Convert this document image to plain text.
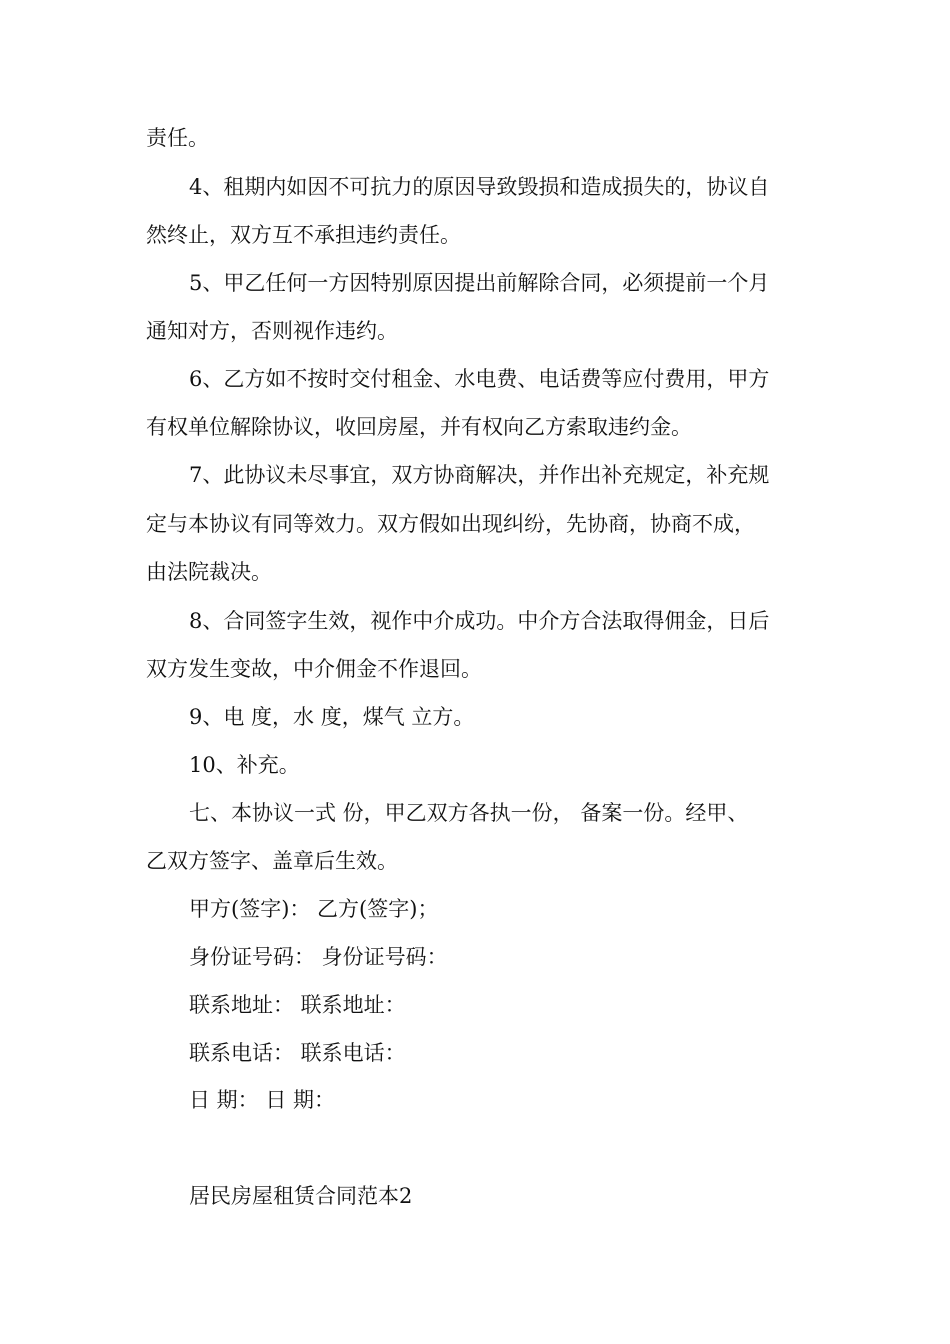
责任。
4、租期内如因不可抗力的原因导致毁损和造成损失的，协议自
然终止，双方互不承担违约责任。
5、甲乙任何一方因特别原因提出前解除合同，必须提前一个月
通知对方，否则视作违约。
6、乙方如不按时交付租金、水电费、电话费等应付费用，甲方
有权单位解除协议，收回房屋，并有权向乙方索取违约金。
7、此协议未尽事宜，双方协商解决，并作出补充规定，补充规
定与本协议有同等效力。双方假如出现纠纷，先协商，协商不成，
由法院裁决。
8、合同签字生效，视作中介成功。中介方合法取得佣金，日后
双方发生变故，中介佣金不作退回。
9、电 度，水 度，煤气 立方。
10、补充。
七、本协议一式 份，甲乙双方各执一份， 备案一份。经甲、
乙双方签字、盖章后生效。
甲方(签字)： 乙方(签字)；
身份证号码： 身份证号码：
联系地址： 联系地址：
联系电话： 联系电话：
日 期： 日 期：
居民房屋租赁合同范本2
